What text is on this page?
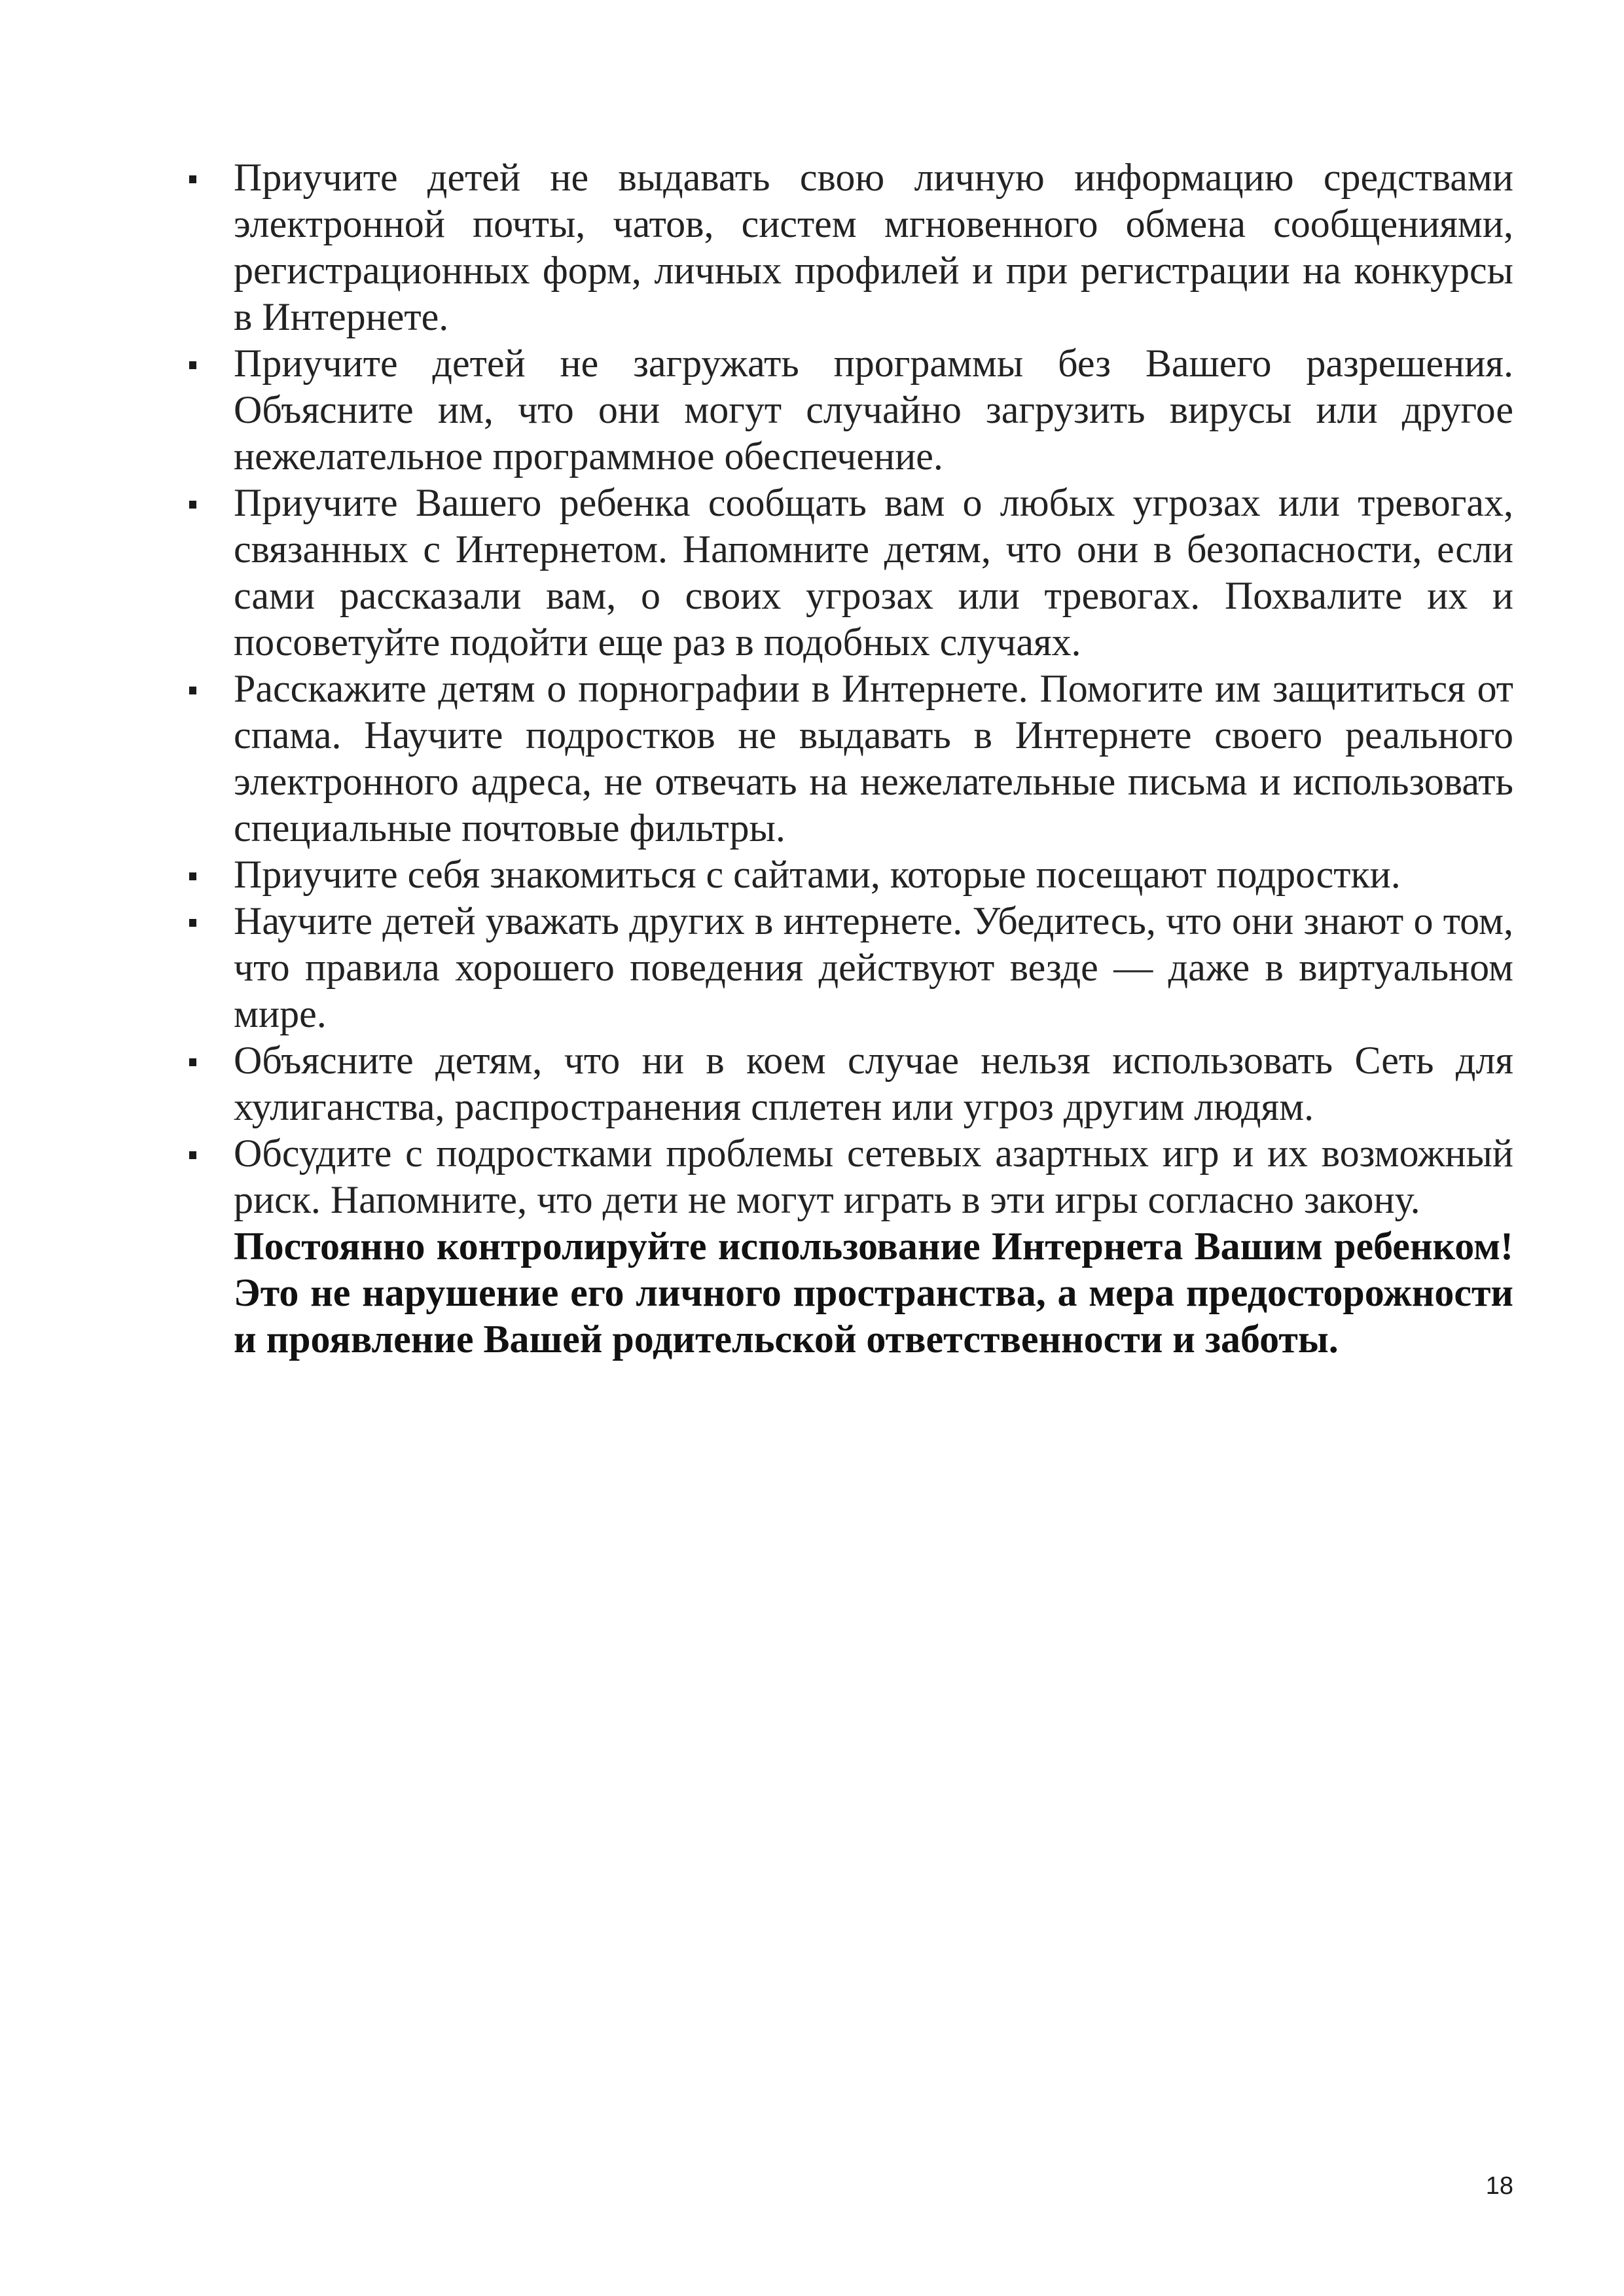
Приучите детей не выдавать свою личную информацию средствами электронной почты, чатов, систем мгновенного обмена сообщениями, регистрационных форм, личных профилей и при регистрации на конкурсы в Интернете.
Приучите детей не загружать программы без Вашего разрешения. Объясните им, что они могут случайно загрузить вирусы или другое нежелательное программное обеспечение.
Приучите Вашего ребенка сообщать вам о любых угрозах или тревогах, связанных с Интернетом. Напомните детям, что они в безопасности, если сами рассказали вам, о своих угрозах или тревогах. Похвалите их и посоветуйте подойти еще раз в подобных случаях.
Расскажите детям о порнографии в Интернете. Помогите им защититься от спама. Научите подростков не выдавать в Интернете своего реального электронного адреса, не отвечать на нежелательные письма и использовать специальные почтовые фильтры.
Приучите себя знакомиться с сайтами, которые посещают подростки.
Научите детей уважать других в интернете. Убедитесь, что они знают о том, что правила хорошего поведения действуют везде — даже в виртуальном мире.
Объясните детям, что ни в коем случае нельзя использовать Сеть для хулиганства, распространения сплетен или угроз другим людям.
Обсудите с подростками проблемы сетевых азартных игр и их возможный риск. Напомните, что дети не могут играть в эти игры согласно закону.

Постоянно контролируйте использование Интернета Вашим ребенком! Это не нарушение его личного пространства, а мера предосторожности и проявление Вашей родительской ответственности и заботы.

18
